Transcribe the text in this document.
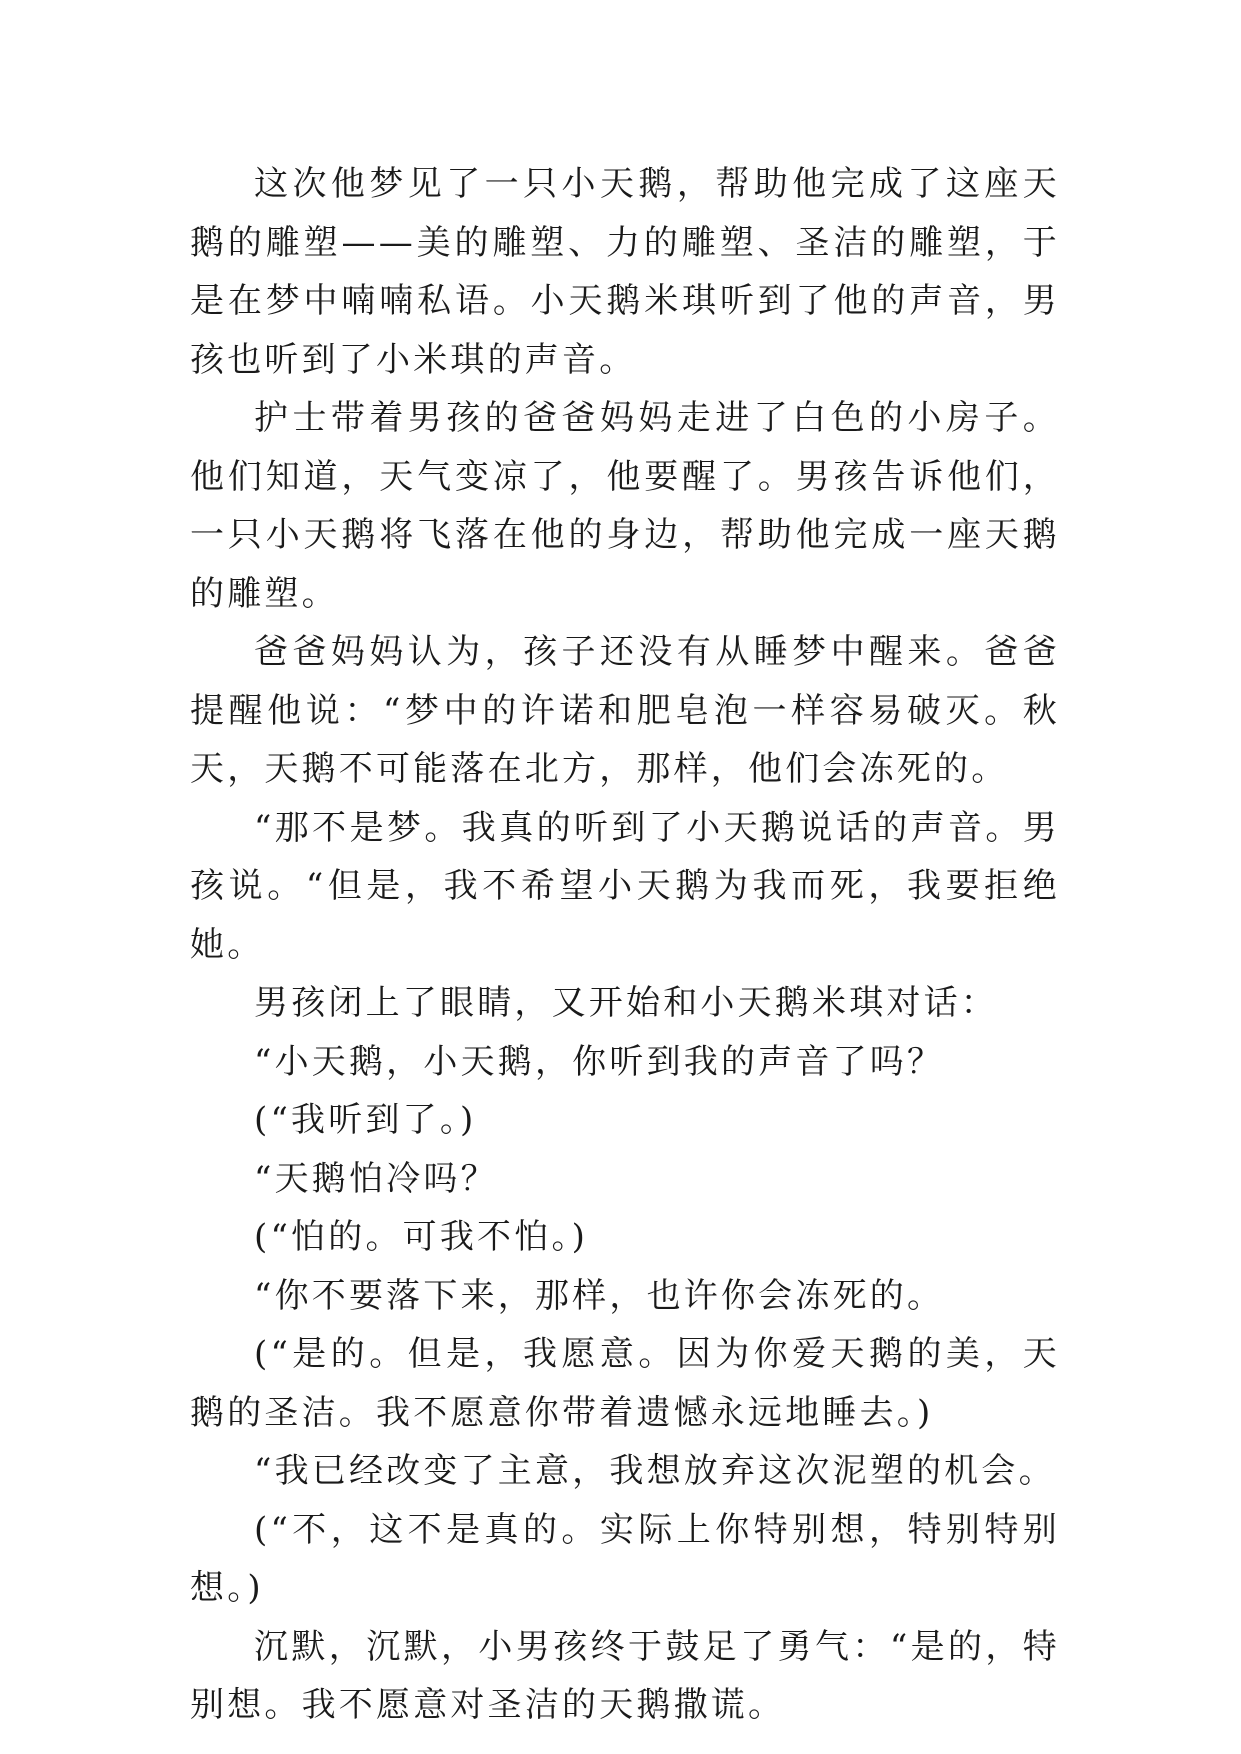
这次他梦见了一只小天鹅，帮助他完成了这座天鹅的雕塑——美的雕塑、力的雕塑、圣洁的雕塑，于是在梦中喃喃私语。小天鹅米琪听到了他的声音，男孩也听到了小米琪的声音。

护士带着男孩的爸爸妈妈走进了白色的小房子。他们知道，天气变凉了，他要醒了。男孩告诉他们，一只小天鹅将飞落在他的身边，帮助他完成一座天鹅的雕塑。

爸爸妈妈认为，孩子还没有从睡梦中醒来。爸爸提醒他说：“梦中的许诺和肥皂泡一样容易破灭。秋天，天鹅不可能落在北方，那样，他们会冻死的。

“那不是梦。我真的听到了小天鹅说话的声音。男孩说。“但是，我不希望小天鹅为我而死，我要拒绝她。

男孩闭上了眼睛，又开始和小天鹅米琪对话：

“小天鹅，小天鹅，你听到我的声音了吗？

(“我听到了。)

“天鹅怕冷吗？

(“怕的。可我不怕。)

“你不要落下来，那样，也许你会冻死的。

(“是的。但是，我愿意。因为你爱天鹅的美，天鹅的圣洁。我不愿意你带着遗憾永远地睡去。)

“我已经改变了主意，我想放弃这次泥塑的机会。

(“不，这不是真的。实际上你特别想，特别特别想。)

沉默，沉默，小男孩终于鼓足了勇气：“是的，特别想。我不愿意对圣洁的天鹅撒谎。
